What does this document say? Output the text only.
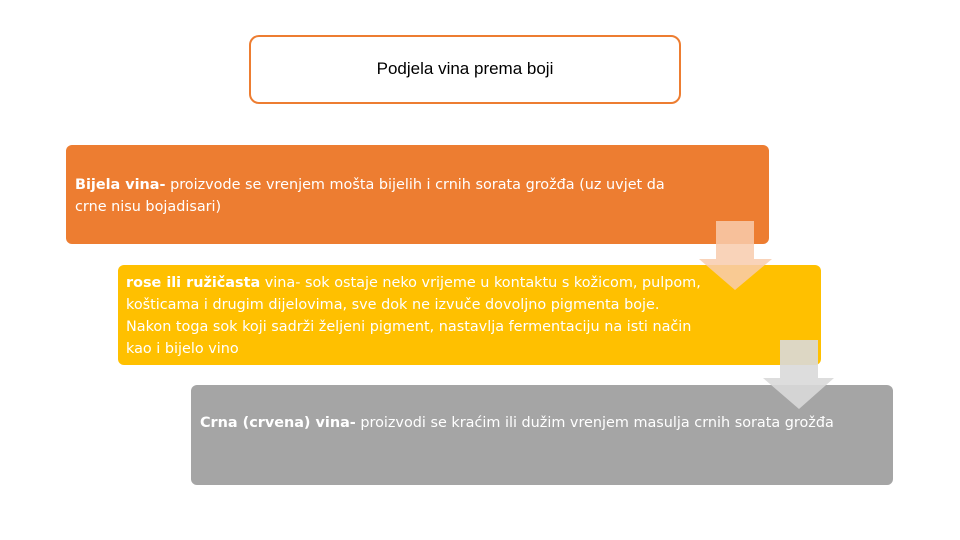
Podjela vina prema boji
Bijela vina- proizvode se vrenjem mošta bijelih i crnih sorata grožđa (uz uvjet da crne nisu bojadisari)
rose ili ružičasta vina- sok ostaje neko vrijeme u kontaktu s kožicom, pulpom, košticama i drugim dijelovima, sve dok ne izvuče dovoljno pigmenta boje. Nakon toga sok koji sadrži željeni pigment, nastavlja fermentaciju na isti način kao i bijelo vino
Crna (crvena) vina- proizvodi se kraćim ili dužim vrenjem masulja crnih sorata grožđa
